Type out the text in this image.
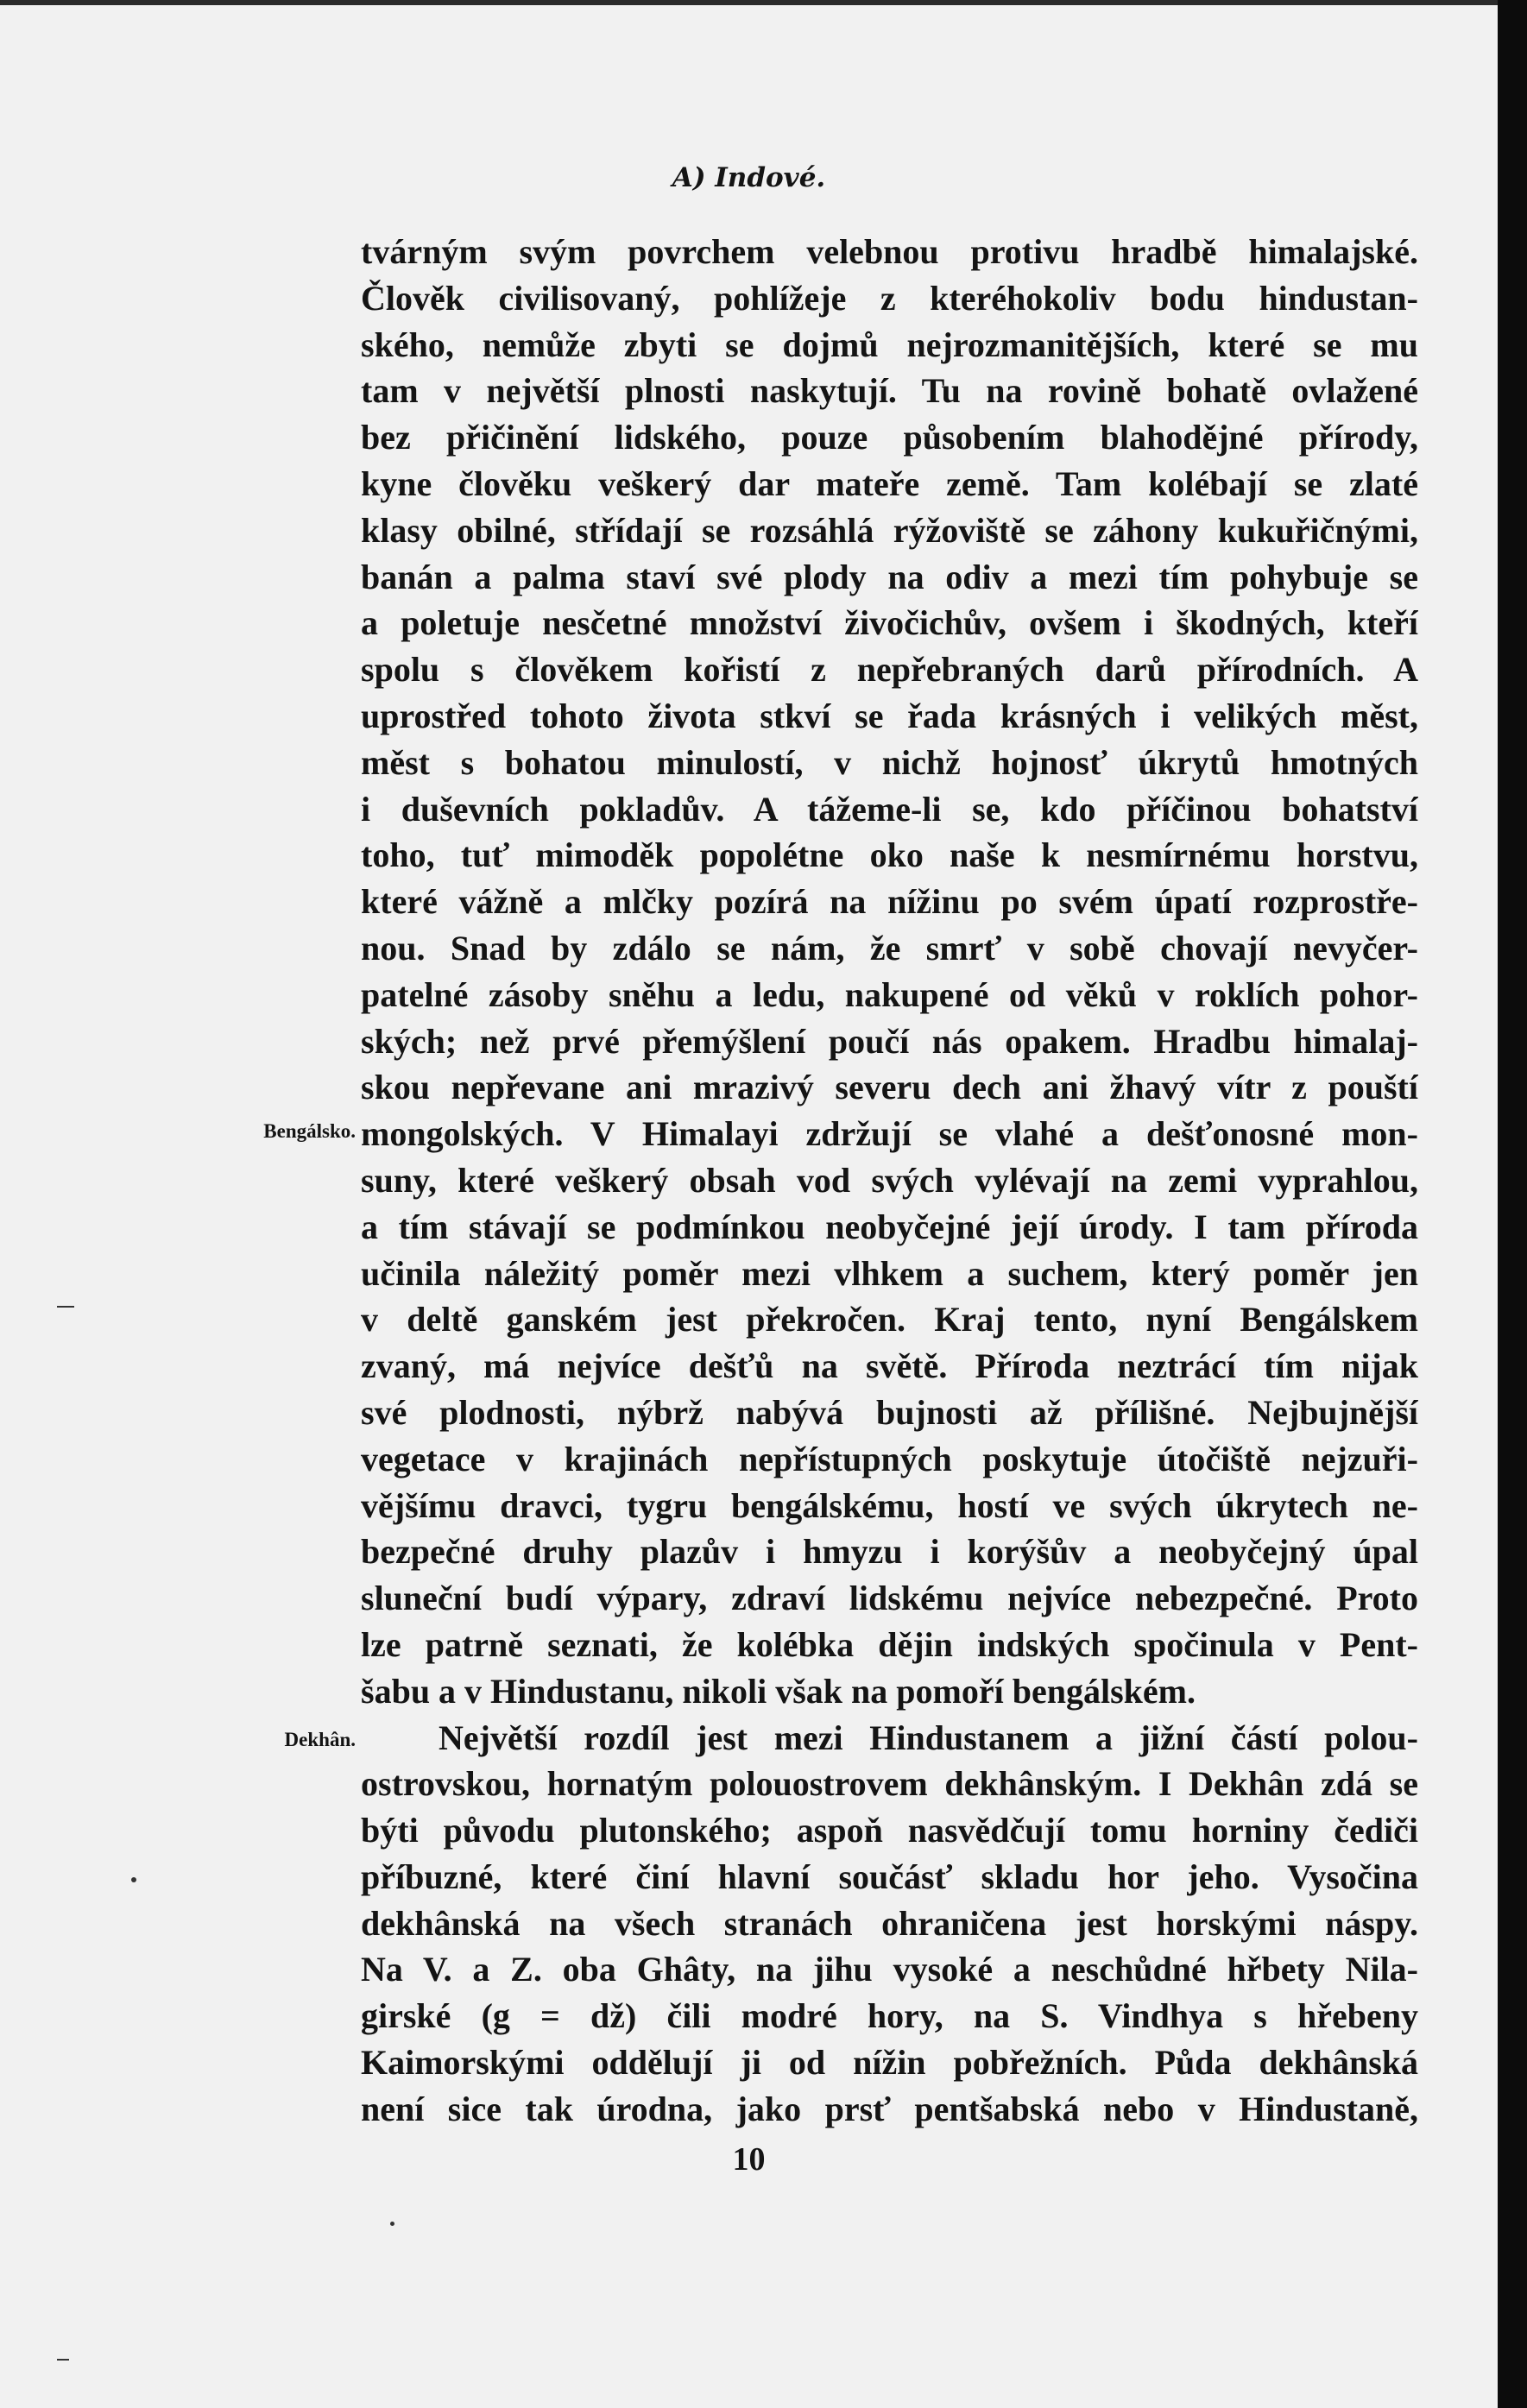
A) Indové.
Bengálsko.
Dekhân.
tvárným svým povrchem velebnou protivu hradbě himalajské.
Člověk civilisovaný, pohlížeje z kteréhokoliv bodu hindustan-
ského, nemůže zbyti se dojmů nejrozmanitějších, které se mu
tam v největší plnosti naskytují. Tu na rovině bohatě ovlažené
bez přičinění lidského, pouze působením blahodějné přírody,
kyne člověku veškerý dar mateře země. Tam kolébají se zlaté
klasy obilné, střídají se rozsáhlá rýžoviště se záhony kukuřičnými,
banán a palma staví své plody na odiv a mezi tím pohybuje se
a poletuje nesčetné množství živočichův, ovšem i škodných, kteří
spolu s člověkem kořistí z nepřebraných darů přírodních. A
uprostřed tohoto života stkví se řada krásných i velikých měst,
měst s bohatou minulostí, v nichž hojnosť úkrytů hmotných
i duševních pokladův. A tážeme-li se, kdo příčinou bohatství
toho, tuť mimoděk popolétne oko naše k nesmírnému horstvu,
které vážně a mlčky pozírá na nížinu po svém úpatí rozprostře-
nou. Snad by zdálo se nám, že smrť v sobě chovají nevyčer-
patelné zásoby sněhu a ledu, nakupené od věků v roklích pohor-
ských; než prvé přemýšlení poučí nás opakem. Hradbu himalaj-
skou nepřevane ani mrazivý severu dech ani žhavý vítr z pouští
mongolských. V Himalayi zdržují se vlahé a dešťonosné mon-
suny, které veškerý obsah vod svých vylévají na zemi vyprahlou,
a tím stávají se podmínkou neobyčejné její úrody. I tam příroda
učinila náležitý poměr mezi vlhkem a suchem, který poměr jen
v deltě ganském jest překročen. Kraj tento, nyní Bengálskem
zvaný, má nejvíce dešťů na světě. Příroda neztrácí tím nijak
své plodnosti, nýbrž nabývá bujnosti až přílišné. Nejbujnější
vegetace v krajinách nepřístupných poskytuje útočiště nejzuři-
vějšímu dravci, tygru bengálskému, hostí ve svých úkrytech ne-
bezpečné druhy plazův i hmyzu i korýšův a neobyčejný úpal
sluneční budí výpary, zdraví lidskému nejvíce nebezpečné. Proto
lze patrně seznati, že kolébka dějin indských spočinula v Pent-
šabu a v Hindustanu, nikoli však na pomoří bengálském.
Největší rozdíl jest mezi Hindustanem a jižní částí polou-
ostrovskou, hornatým polouostrovem dekhânským. I Dekhân zdá se
býti původu plutonského; aspoň nasvědčují tomu horniny čediči
příbuzné, které činí hlavní součásť skladu hor jeho. Vysočina
dekhânská na všech stranách ohraničena jest horskými náspy.
Na V. a Z. oba Ghâty, na jihu vysoké a neschůdné hřbety Nila-
girské (g = dž) čili modré hory, na S. Vindhya s hřebeny
Kaimorskými oddělují ji od nížin pobřežních. Půda dekhânská
není sice tak úrodna, jako prsť pentšabská nebo v Hindustaně,
10
